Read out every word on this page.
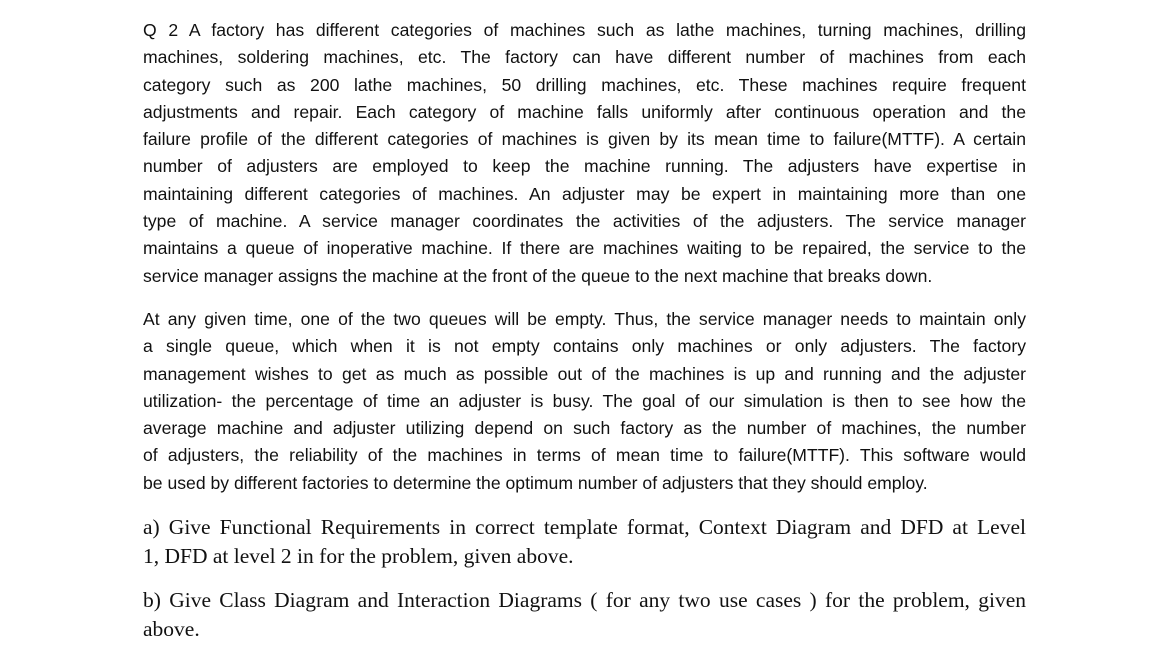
Q 2 A factory has different categories of machines such as lathe machines, turning machines, drilling
machines, soldering machines, etc. The factory can have different number of machines from each
category such as 200 lathe machines, 50 drilling machines, etc. These machines require frequent
adjustments and repair. Each category of machine falls uniformly after continuous operation and the
failure profile of the different categories of machines is given by its mean time to failure(MTTF). A certain
number of adjusters are employed to keep the machine running. The adjusters have expertise in
maintaining different categories of machines. An adjuster may be expert in maintaining more than one
type of machine. A service manager coordinates the activities of the adjusters. The service manager
maintains a queue of inoperative machine. If there are machines waiting to be repaired, the service to the
service manager assigns the machine at the front of the queue to the next machine that breaks down.
At any given time, one of the two queues will be empty. Thus, the service manager needs to maintain only
a single queue, which when it is not empty contains only machines or only adjusters. The factory
management wishes to get as much as possible out of the machines is up and running and the adjuster
utilization- the percentage of time an adjuster is busy. The goal of our simulation is then to see how the
average machine and adjuster utilizing depend on such factory as the number of machines, the number
of adjusters, the reliability of the machines in terms of mean time to failure(MTTF). This software would
be used by different factories to determine the optimum number of adjusters that they should employ.
a) Give Functional Requirements in correct template format, Context Diagram and DFD at Level
1, DFD at level 2 in for the problem, given above.
b) Give Class Diagram and Interaction Diagrams ( for any two use cases ) for the problem, given
above.
